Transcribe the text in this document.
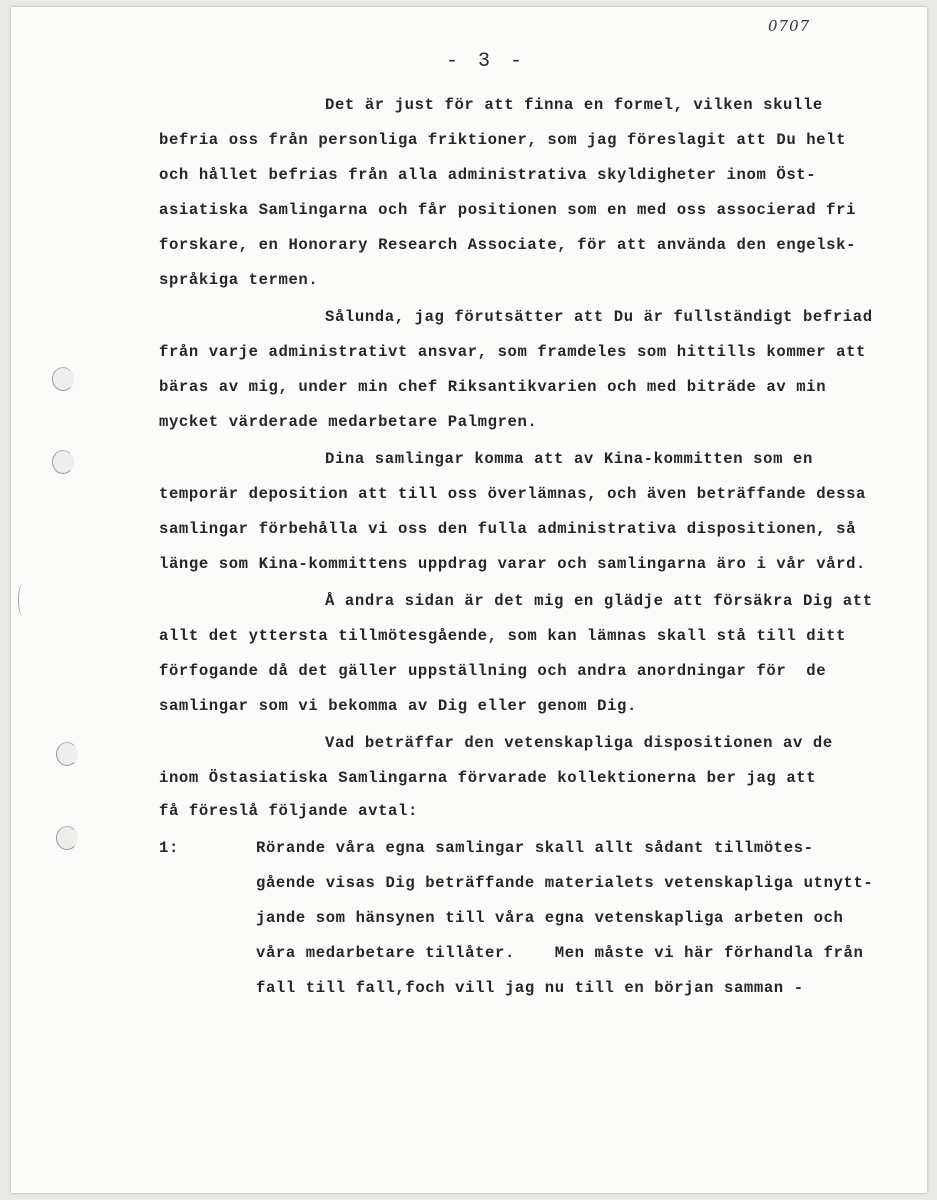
0707
- 3 -
Det är just för att finna en formel, vilken skulle
befria oss från personliga friktioner, som jag föreslagit att Du helt
och hållet befrias från alla administrativa skyldigheter inom Öst-
asiatiska Samlingarna och får positionen som en med oss associerad fri
forskare, en Honorary Research Associate, för att använda den engelsk-
språkiga termen.
Sålunda, jag förutsätter att Du är fullständigt befriad
från varje administrativt ansvar, som framdeles som hittills kommer att
bäras av mig, under min chef Riksantikvarien och med biträde av min
mycket värderade medarbetare Palmgren.
Dina samlingar komma att av Kina-kommitten som en
temporär deposition att till oss överlämnas, och även beträffande dessa
samlingar förbehålla vi oss den fulla administrativa dispositionen, så
länge som Kina-kommittens uppdrag varar och samlingarna äro i vår vård.
Å andra sidan är det mig en glädje att försäkra Dig att
allt det yttersta tillmötesgående, som kan lämnas skall stå till ditt
förfogande då det gäller uppställning och andra anordningar för  de
samlingar som vi bekomma av Dig eller genom Dig.
Vad beträffar den vetenskapliga dispositionen av de
inom Östasiatiska Samlingarna förvarade kollektionerna ber jag att
få föreslå följande avtal:
1:	Rörande våra egna samlingar skall allt sådant tillmötes-
gående visas Dig beträffande materialets vetenskapliga utnytt-
jande som hänsynen till våra egna vetenskapliga arbeten och
våra medarbetare tillåter.    Men måste vi här förhandla från
fall till fall,foch vill jag nu till en början samman -
